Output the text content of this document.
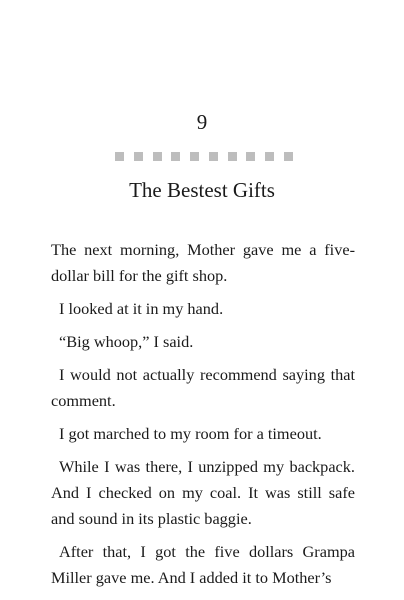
9
The Bestest Gifts

The next morning, Mother gave me a five-dollar bill for the gift shop.

I looked at it in my hand.

“Big whoop,” I said.

I would not actually recommend saying that comment.

I got marched to my room for a timeout.

While I was there, I unzipped my backpack. And I checked on my coal. It was still safe and sound in its plastic baggie.

After that, I got the five dollars Grampa Miller gave me. And I added it to Mother’s
